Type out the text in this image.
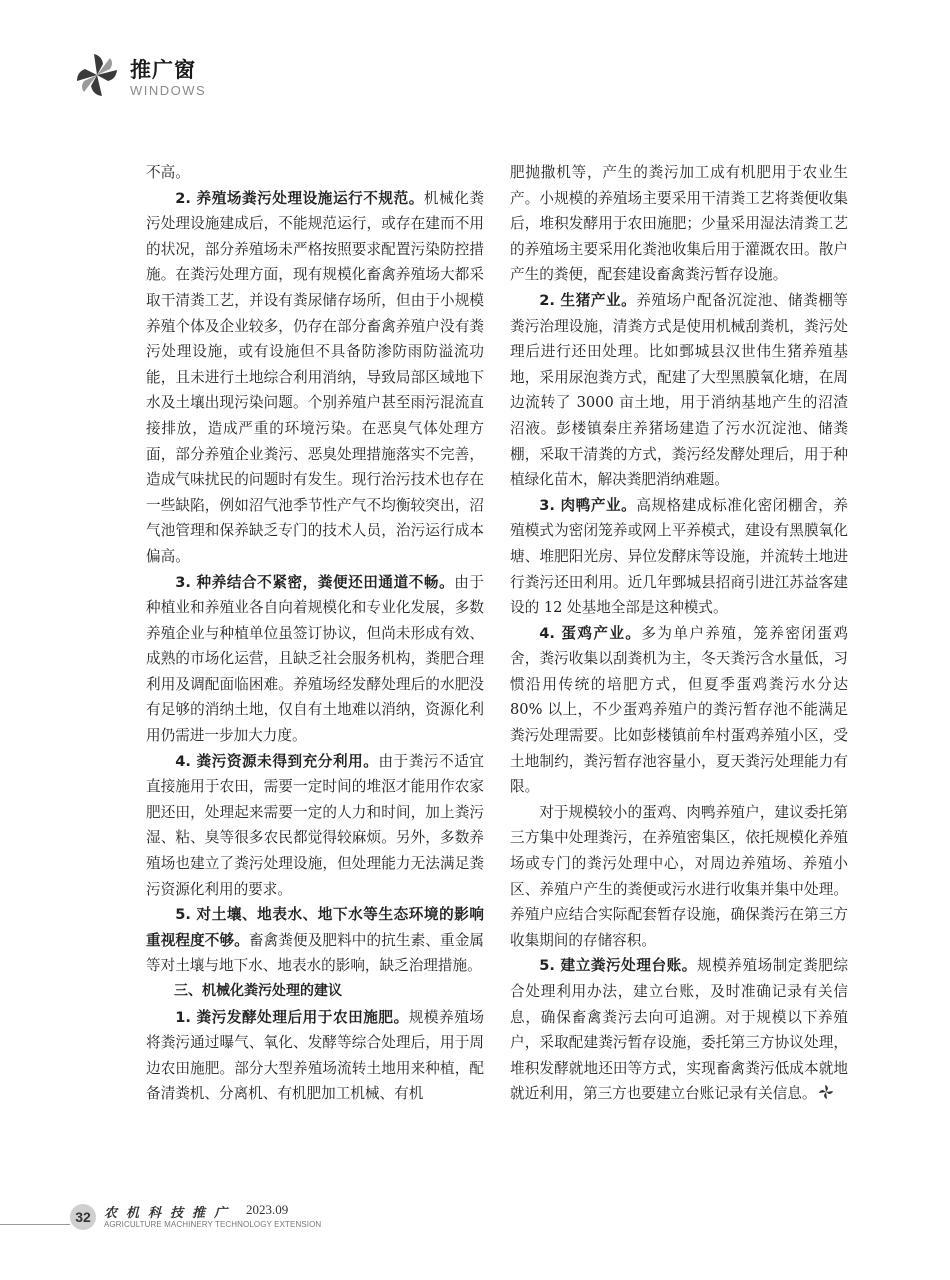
推广窗
WINDOWS

不高。

2. 养殖场粪污处理设施运行不规范。机械化粪污处理设施建成后，不能规范运行，或存在建而不用的状况，部分养殖场未严格按照要求配置污染防控措施。在粪污处理方面，现有规模化畜禽养殖场大都采取干清粪工艺，并设有粪尿储存场所，但由于小规模养殖个体及企业较多，仍存在部分畜禽养殖户没有粪污处理设施，或有设施但不具备防渗防雨防溢流功能，且未进行土地综合利用消纳，导致局部区域地下水及土壤出现污染问题。个别养殖户甚至雨污混流直接排放，造成严重的环境污染。在恶臭气体处理方面，部分养殖企业粪污、恶臭处理措施落实不完善，造成气味扰民的问题时有发生。现行治污技术也存在一些缺陷，例如沼气池季节性产气不均衡较突出，沼气池管理和保养缺乏专门的技术人员，治污运行成本偏高。

3. 种养结合不紧密，粪便还田通道不畅。由于种植业和养殖业各自向着规模化和专业化发展，多数养殖企业与种植单位虽签订协议，但尚未形成有效、成熟的市场化运营，且缺乏社会服务机构，粪肥合理利用及调配面临困难。养殖场经发酵处理后的水肥没有足够的消纳土地，仅自有土地难以消纳，资源化利用仍需进一步加大力度。

4. 粪污资源未得到充分利用。由于粪污不适宜直接施用于农田，需要一定时间的堆沤才能用作农家肥还田，处理起来需要一定的人力和时间，加上粪污湿、粘、臭等很多农民都觉得较麻烦。另外，多数养殖场也建立了粪污处理设施，但处理能力无法满足粪污资源化利用的要求。

5. 对土壤、地表水、地下水等生态环境的影响重视程度不够。畜禽粪便及肥料中的抗生素、重金属等对土壤与地下水、地表水的影响，缺乏治理措施。

三、机械化粪污处理的建议

1. 粪污发酵处理后用于农田施肥。规模养殖场将粪污通过曝气、氧化、发酵等综合处理后，用于周边农田施肥。部分大型养殖场流转土地用来种植，配备清粪机、分离机、有机肥加工机械、有机

肥抛撒机等，产生的粪污加工成有机肥用于农业生产。小规模的养殖场主要采用干清粪工艺将粪便收集后，堆积发酵用于农田施肥；少量采用湿法清粪工艺的养殖场主要采用化粪池收集后用于灌溉农田。散户产生的粪便，配套建设畜禽粪污暂存设施。

2. 生猪产业。养殖场户配备沉淀池、储粪棚等粪污治理设施，清粪方式是使用机械刮粪机，粪污处理后进行还田处理。比如鄄城县汉世伟生猪养殖基地，采用尿泡粪方式，配建了大型黑膜氧化塘，在周边流转了 3000 亩土地，用于消纳基地产生的沼渣沼液。彭楼镇秦庄养猪场建造了污水沉淀池、储粪棚，采取干清粪的方式，粪污经发酵处理后，用于种植绿化苗木，解决粪肥消纳难题。

3. 肉鸭产业。高规格建成标准化密闭棚舍，养殖模式为密闭笼养或网上平养模式，建设有黑膜氧化塘、堆肥阳光房、异位发酵床等设施，并流转土地进行粪污还田利用。近几年鄄城县招商引进江苏益客建设的 12 处基地全部是这种模式。

4. 蛋鸡产业。多为单户养殖，笼养密闭蛋鸡舍，粪污收集以刮粪机为主，冬天粪污含水量低，习惯沿用传统的培肥方式，但夏季蛋鸡粪污水分达 80% 以上，不少蛋鸡养殖户的粪污暂存池不能满足粪污处理需要。比如彭楼镇前牟村蛋鸡养殖小区，受土地制约，粪污暂存池容量小，夏天粪污处理能力有限。

对于规模较小的蛋鸡、肉鸭养殖户，建议委托第三方集中处理粪污，在养殖密集区，依托规模化养殖场或专门的粪污处理中心，对周边养殖场、养殖小区、养殖户产生的粪便或污水进行收集并集中处理。养殖户应结合实际配套暂存设施，确保粪污在第三方收集期间的存储容积。

5. 建立粪污处理台账。规模养殖场制定粪肥综合处理利用办法，建立台账，及时准确记录有关信息，确保畜禽粪污去向可追溯。对于规模以下养殖户，采取配建粪污暂存设施，委托第三方协议处理，堆积发酵就地还田等方式，实现畜禽粪污低成本就地就近利用，第三方也要建立台账记录有关信息。

32	农机科技推广 2023.09
AGRICULTURE MACHINERY TECHNOLOGY EXTENSION
